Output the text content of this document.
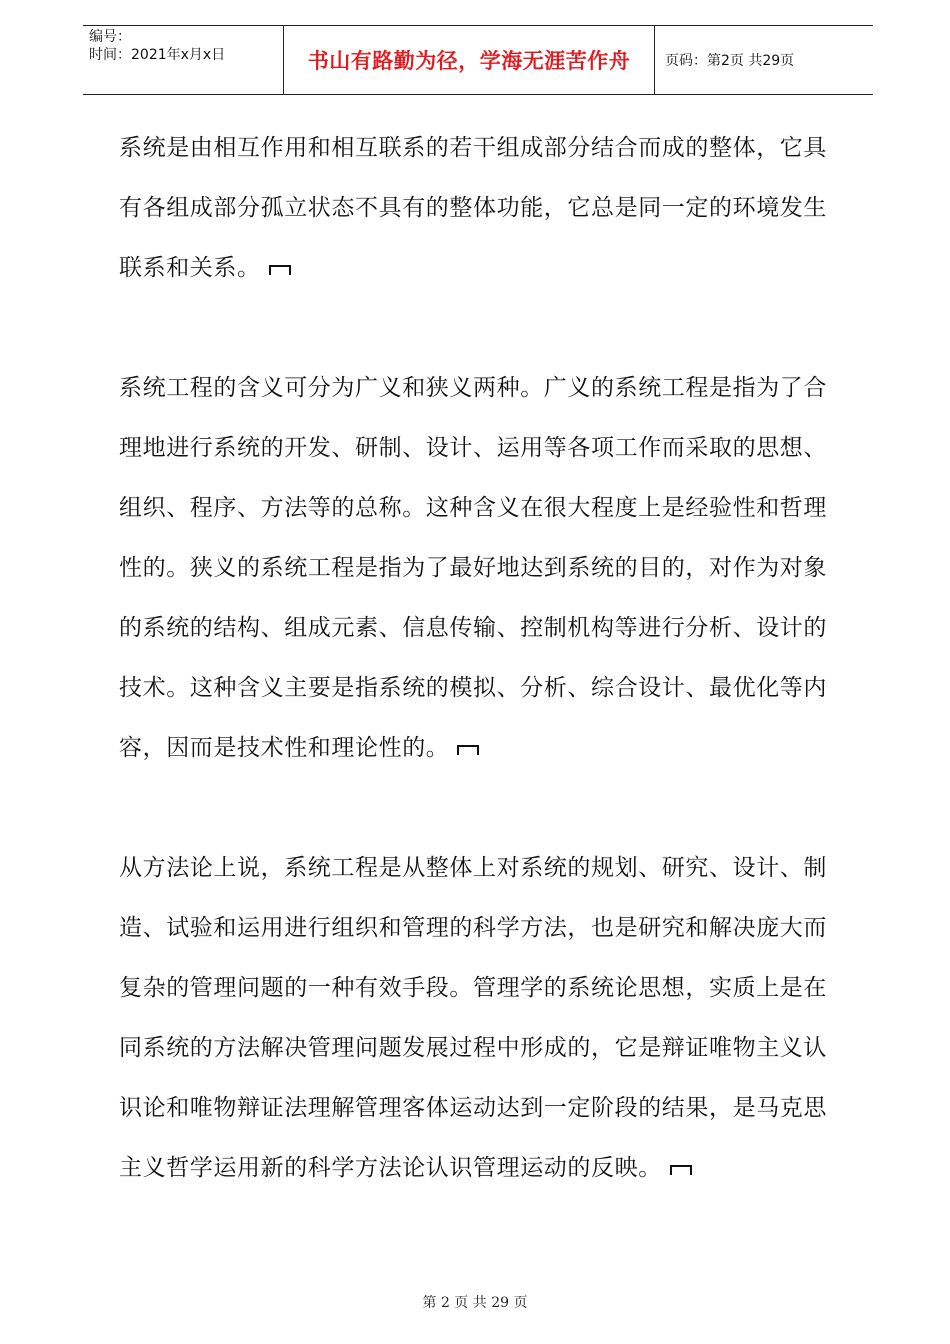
编号：
时间：2021年x月x日	书山有路勤为径，学海无涯苦作舟	页码：第2页 共29页

系统是由相互作用和相互联系的若干组成部分结合而成的整体，它具有各组成部分孤立状态不具有的整体功能，它总是同一定的环境发生联系和关系。

系统工程的含义可分为广义和狭义两种。广义的系统工程是指为了合理地进行系统的开发、研制、设计、运用等各项工作而采取的思想、组织、程序、方法等的总称。这种含义在很大程度上是经验性和哲理性的。狭义的系统工程是指为了最好地达到系统的目的，对作为对象的系统的结构、组成元素、信息传输、控制机构等进行分析、设计的技术。这种含义主要是指系统的模拟、分析、综合设计、最优化等内容，因而是技术性和理论性的。

从方法论上说，系统工程是从整体上对系统的规划、研究、设计、制造、试验和运用进行组织和管理的科学方法，也是研究和解决庞大而复杂的管理问题的一种有效手段。管理学的系统论思想，实质上是在同系统的方法解决管理问题发展过程中形成的，它是辩证唯物主义认识论和唯物辩证法理解管理客体运动达到一定阶段的结果，是马克思主义哲学运用新的科学方法论认识管理运动的反映。

第 2 页 共 29 页
